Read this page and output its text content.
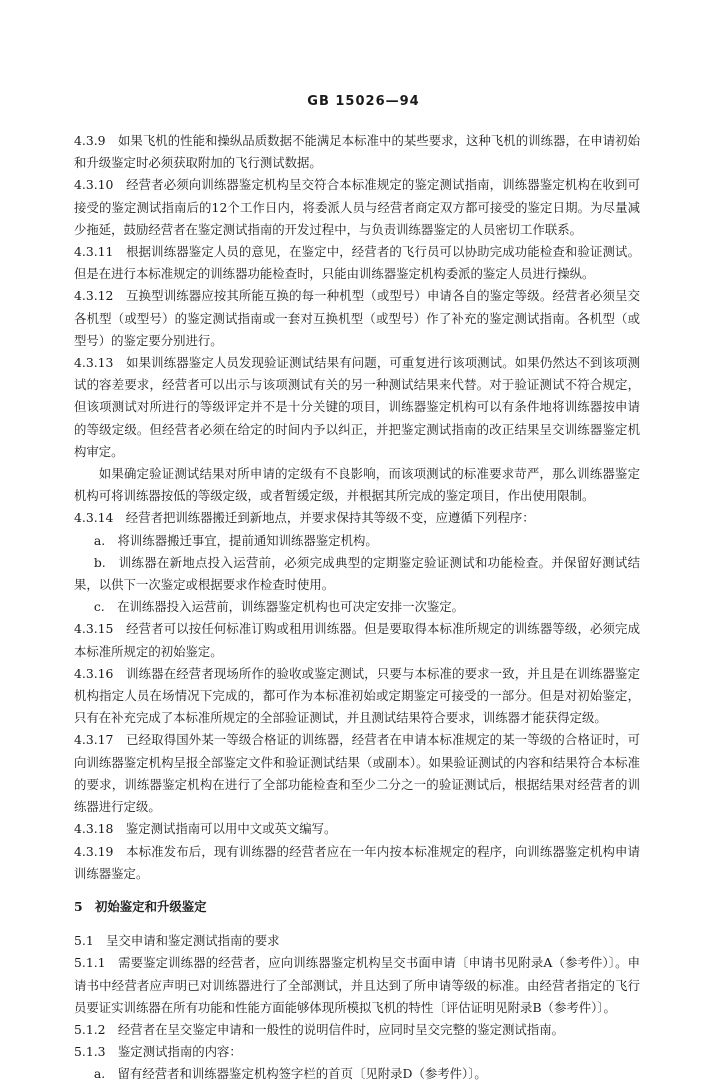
GB 15026—94

4.3.9　如果飞机的性能和操纵品质数据不能满足本标准中的某些要求，这种飞机的训练器，在申请初始和升级鉴定时必须获取附加的飞行测试数据。

4.3.10　经营者必须向训练器鉴定机构呈交符合本标准规定的鉴定测试指南，训练器鉴定机构在收到可接受的鉴定测试指南后的12个工作日内，将委派人员与经营者商定双方都可接受的鉴定日期。为尽量减少拖延，鼓励经营者在鉴定测试指南的开发过程中，与负责训练器鉴定的人员密切工作联系。

4.3.11　根据训练器鉴定人员的意见，在鉴定中，经营者的飞行员可以协助完成功能检查和验证测试。但是在进行本标准规定的训练器功能检查时，只能由训练器鉴定机构委派的鉴定人员进行操纵。

4.3.12　互换型训练器应按其所能互换的每一种机型（或型号）申请各自的鉴定等级。经营者必须呈交各机型（或型号）的鉴定测试指南或一套对互换机型（或型号）作了补充的鉴定测试指南。各机型（或型号）的鉴定要分别进行。

4.3.13　如果训练器鉴定人员发现验证测试结果有问题，可重复进行该项测试。如果仍然达不到该项测试的容差要求，经营者可以出示与该项测试有关的另一种测试结果来代替。对于验证测试不符合规定，但该项测试对所进行的等级评定并不是十分关键的项目，训练器鉴定机构可以有条件地将训练器按申请的等级定级。但经营者必须在给定的时间内予以纠正，并把鉴定测试指南的改正结果呈交训练器鉴定机构审定。

如果确定验证测试结果对所申请的定级有不良影响，而该项测试的标准要求苛严，那么训练器鉴定机构可将训练器按低的等级定级，或者暂缓定级，并根据其所完成的鉴定项目，作出使用限制。

4.3.14　经营者把训练器搬迁到新地点，并要求保持其等级不变，应遵循下列程序：

a.　将训练器搬迁事宜，提前通知训练器鉴定机构。

b.　训练器在新地点投入运营前，必须完成典型的定期鉴定验证测试和功能检查。并保留好测试结果，以供下一次鉴定或根据要求作检查时使用。

c.　在训练器投入运营前，训练器鉴定机构也可决定安排一次鉴定。

4.3.15　经营者可以按任何标准订购或租用训练器。但是要取得本标准所规定的训练器等级，必须完成本标准所规定的初始鉴定。

4.3.16　训练器在经营者现场所作的验收或鉴定测试，只要与本标准的要求一致，并且是在训练器鉴定机构指定人员在场情况下完成的，都可作为本标准初始或定期鉴定可接受的一部分。但是对初始鉴定，只有在补充完成了本标准所规定的全部验证测试，并且测试结果符合要求，训练器才能获得定级。

4.3.17　已经取得国外某一等级合格证的训练器，经营者在申请本标准规定的某一等级的合格证时，可向训练器鉴定机构呈报全部鉴定文件和验证测试结果（或副本）。如果验证测试的内容和结果符合本标准的要求，训练器鉴定机构在进行了全部功能检查和至少二分之一的验证测试后，根据结果对经营者的训练器进行定级。

4.3.18　鉴定测试指南可以用中文或英文编写。

4.3.19　本标准发布后，现有训练器的经营者应在一年内按本标准规定的程序，向训练器鉴定机构申请训练器鉴定。

5　初始鉴定和升级鉴定

5.1　呈交申请和鉴定测试指南的要求

5.1.1　需要鉴定训练器的经营者，应向训练器鉴定机构呈交书面申请〔申请书见附录A（参考件）〕。申请书中经营者应声明已对训练器进行了全部测试，并且达到了所申请等级的标准。由经营者指定的飞行员要证实训练器在所有功能和性能方面能够体现所模拟飞机的特性〔评估证明见附录B（参考件）〕。

5.1.2　经营者在呈交鉴定申请和一般性的说明信件时，应同时呈交完整的鉴定测试指南。

5.1.3　鉴定测试指南的内容：

a.　留有经营者和训练器鉴定机构签字栏的首页〔见附录D（参考件）〕。
